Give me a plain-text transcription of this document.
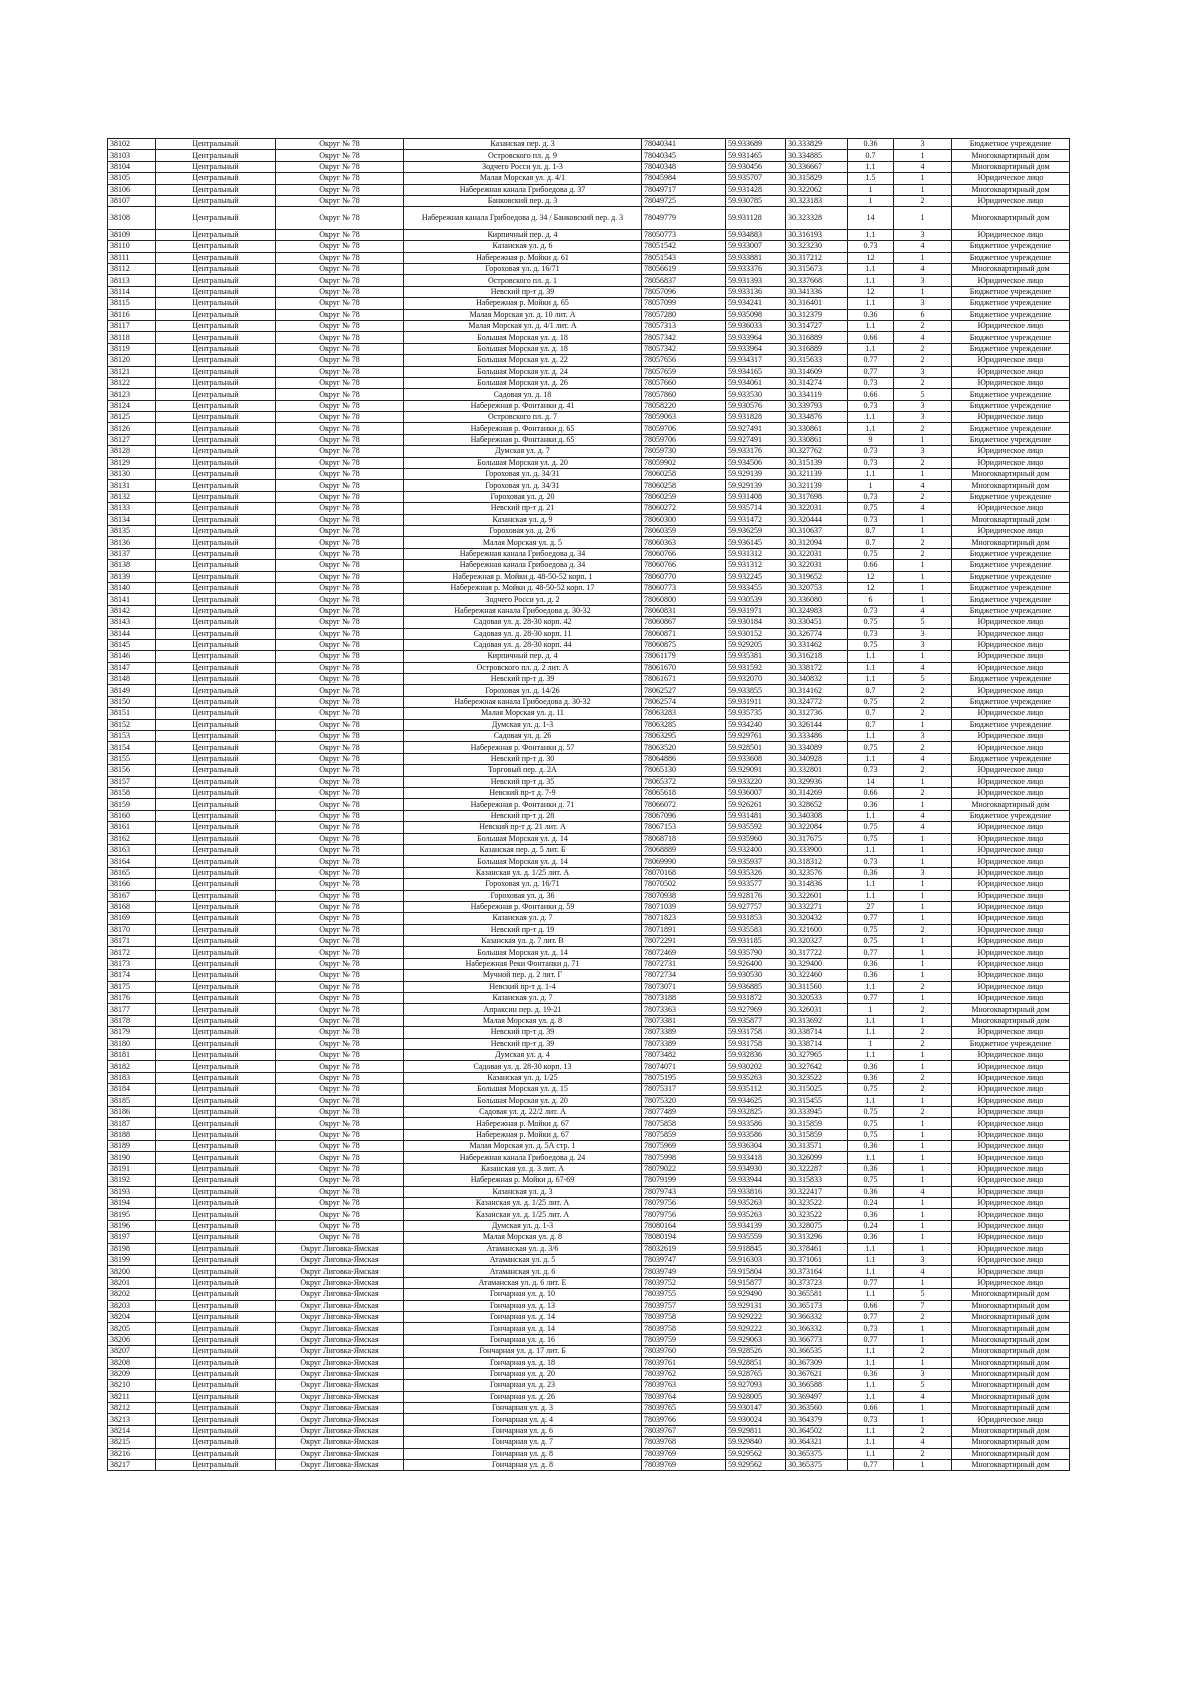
38102	Центральный	Округ № 78	Казанская пер. д. 3	78040341	59.933689	30.333829	0.36	3	Бюджетное учреждение
38103	Центральный	Округ № 78	Островского пл. д. 9	78040345	59.931465	30.334885	0.7	1	Многоквартирный дом
38104	Центральный	Округ № 78	Зодчего Росси ул. д. 1-3	78040348	59.930456	30.336667	1.1	4	Многоквартирный дом
38105	Центральный	Округ № 78	Малая Морская ул. д. 4/1	78045984	59.935707	30.315829	1.5	1	Юридическое лицо
38106	Центральный	Округ № 78	Набережная канала Грибоедова д. 37	78049717	59.931428	30.322062	1	1	Многоквартирный дом
38107	Центральный	Округ № 78	Банковский пер. д. 3	78049725	59.930785	30.323183	1	2	Юридическое лицо
38108	Центральный	Округ № 78	Набережная канала Грибоедова д. 34 / Банковский пер. д. 3	78049779	59.931128	30.323328	14	1	Многоквартирный дом
38109	Центральный	Округ № 78	Кирпичный пер. д. 4	78050773	59.934883	30.316193	1.1	3	Юридическое лицо
38110	Центральный	Округ № 78	Казанская ул. д. 6	78051542	59.933007	30.323230	0.73	4	Бюджетное учреждение
38111	Центральный	Округ № 78	Набережная р. Мойки д. 61	78051543	59.933881	30.317212	12	1	Бюджетное учреждение
38112	Центральный	Округ № 78	Гороховая ул. д. 16/71	78056619	59.933376	30.315673	1.1	4	Многоквартирный дом
38113	Центральный	Округ № 78	Островского пл. д. 1	78056837	59.931393	30.337668	1.1	3	Юридическое лицо
38114	Центральный	Округ № 78	Невский пр-т д. 39	78057096	59.933136	30.341336	12	1	Бюджетное учреждение
38115	Центральный	Округ № 78	Набережная р. Мойки д. 65	78057099	59.934241	30.316401	1.1	3	Бюджетное учреждение
38116	Центральный	Округ № 78	Малая Морская ул. д. 10 лит. А	78057280	59.935098	30.312379	0.36	6	Бюджетное учреждение
38117	Центральный	Округ № 78	Малая Морская ул. д. 4/1 лит. А	78057313	59.936033	30.314727	1.1	2	Юридическое лицо
38118	Центральный	Округ № 78	Большая Морская ул. д. 18	78057342	59.933964	30.316889	0.66	4	Бюджетное учреждение
38119	Центральный	Округ № 78	Большая Морская ул. д. 18	78057342	59.933964	30.316889	1.1	2	Бюджетное учреждение
38120	Центральный	Округ № 78	Большая Морская ул. д. 22	78057656	59.934317	30.315633	0.77	2	Юридическое лицо
38121	Центральный	Округ № 78	Большая Морская ул. д. 24	78057659	59.934165	30.314609	0.77	3	Юридическое лицо
38122	Центральный	Округ № 78	Большая Морская ул. д. 26	78057660	59.934061	30.314274	0.73	2	Юридическое лицо
38123	Центральный	Округ № 78	Садовая ул. д. 18	78057860	59.933530	30.334119	0.66	5	Бюджетное учреждение
38124	Центральный	Округ № 78	Набережная р. Фонтанки д. 41	78058220	59.930576	30.339793	0.73	3	Бюджетное учреждение
38125	Центральный	Округ № 78	Островского пл. д. 7	78059063	59.931828	30.334876	1.1	3	Юридическое лицо
38126	Центральный	Округ № 78	Набережная р. Фонтанки д. 65	78059706	59.927491	30.330861	1.1	2	Бюджетное учреждение
38127	Центральный	Округ № 78	Набережная р. Фонтанки д. 65	78059706	59.927491	30.330861	9	1	Бюджетное учреждение
38128	Центральный	Округ № 78	Думская ул. д. 7	78059730	59.933176	30.327762	0.73	3	Юридическое лицо
38129	Центральный	Округ № 78	Большая Морская ул. д. 20	78059902	59.934506	30.315139	0.73	2	Юридическое лицо
38130	Центральный	Округ № 78	Гороховая ул. д. 34/31	78060258	59.929139	30.321139	1.1	1	Многоквартирный дом
38131	Центральный	Округ № 78	Гороховая ул. д. 34/31	78060258	59.929139	30.321139	1	4	Многоквартирный дом
38132	Центральный	Округ № 78	Гороховая ул. д. 20	78060259	59.931408	30.317698	0.73	2	Бюджетное учреждение
38133	Центральный	Округ № 78	Невский пр-т д. 21	78060272	59.935714	30.322031	0.75	4	Юридическое лицо
38134	Центральный	Округ № 78	Казанская ул. д. 9	78060300	59.931472	30.320444	0.73	1	Многоквартирный дом
38135	Центральный	Округ № 78	Гороховая ул. д. 2/6	78060359	59.936259	30.310637	0.7	1	Юридическое лицо
38136	Центральный	Округ № 78	Малая Морская ул. д. 5	78060363	59.936145	30.312094	0.7	2	Многоквартирный дом
38137	Центральный	Округ № 78	Набережная канала Грибоедова д. 34	78060766	59.931312	30.322031	0.75	2	Бюджетное учреждение
38138	Центральный	Округ № 78	Набережная канала Грибоедова д. 34	78060766	59.931312	30.322031	0.66	1	Бюджетное учреждение
38139	Центральный	Округ № 78	Набережная р. Мойки д. 48-50-52 корп. 1	78060770	59.932245	30.319652	12	1	Бюджетное учреждение
38140	Центральный	Округ № 78	Набережная р. Мойки д. 48-50-52 корп. 17	78060773	59.933455	30.320753	12	1	Бюджетное учреждение
38141	Центральный	Округ № 78	Зодчего Росси ул. д. 2	78060800	59.930539	30.336080	6	1	Бюджетное учреждение
38142	Центральный	Округ № 78	Набережная канала Грибоедова д. 30-32	78060831	59.931971	30.324983	0.73	4	Бюджетное учреждение
38143	Центральный	Округ № 78	Садовая ул. д. 28-30 корп. 42	78060867	59.930184	30.330451	0.75	5	Юридическое лицо
38144	Центральный	Округ № 78	Садовая ул. д. 28-30 корп. 11	78060871	59.930152	30.326774	0.73	3	Юридическое лицо
38145	Центральный	Округ № 78	Садовая ул. д. 28-30 корп. 44	78060875	59.929205	30.331462	0.75	3	Юридическое лицо
38146	Центральный	Округ № 78	Кирпичный пер. д. 4	78061179	59.935381	30.316218	1.1	1	Юридическое лицо
38147	Центральный	Округ № 78	Островского пл. д. 2 лит. А	78061670	59.931592	30.338172	1.1	4	Юридическое лицо
38148	Центральный	Округ № 78	Невский пр-т д. 39	78061671	59.932070	30.340832	1.1	5	Бюджетное учреждение
38149	Центральный	Округ № 78	Гороховая ул. д. 14/26	78062527	59.933855	30.314162	0.7	2	Юридическое лицо
38150	Центральный	Округ № 78	Набережная канала Грибоедова д. 30-32	78062574	59.931911	30.324772	0.75	2	Бюджетное учреждение
38151	Центральный	Округ № 78	Малая Морская ул. д. 11	78063283	59.935735	30.312736	0.7	2	Юридическое лицо
38152	Центральный	Округ № 78	Думская ул. д. 1-3	78063285	59.934240	30.326144	0.7	1	Бюджетное учреждение
38153	Центральный	Округ № 78	Садовая ул. д. 26	78063295	59.929761	30.333486	1.1	3	Юридическое лицо
38154	Центральный	Округ № 78	Набережная р. Фонтанки д. 57	78063520	59.928501	30.334089	0.75	2	Юридическое лицо
38155	Центральный	Округ № 78	Невский пр-т д. 30	78064886	59.933608	30.340928	1.1	4	Бюджетное учреждение
38156	Центральный	Округ № 78	Торговый пер. д. 2А	78065130	59.929091	30.332801	0.73	2	Юридическое лицо
38157	Центральный	Округ № 78	Невский пр-т д. 35	78065372	59.933220	30.329936	14	1	Юридическое лицо
38158	Центральный	Округ № 78	Невский пр-т д. 7-9	78065618	59.936007	30.314269	0.66	2	Юридическое лицо
38159	Центральный	Округ № 78	Набережная р. Фонтанки д. 71	78066072	59.926261	30.328652	0.36	1	Многоквартирный дом
38160	Центральный	Округ № 78	Невский пр-т д. 28	78067096	59.931481	30.340308	1.1	4	Бюджетное учреждение
38161	Центральный	Округ № 78	Невский пр-т д. 21 лит. А	78067153	59.935592	30.322084	0.75	4	Юридическое лицо
38162	Центральный	Округ № 78	Большая Морская ул. д. 14	78068718	59.935960	30.317675	0.75	1	Юридическое лицо
38163	Центральный	Округ № 78	Казанская пер. д. 5 лит. Б	78068889	59.932400	30.333900	1.1	1	Юридическое лицо
38164	Центральный	Округ № 78	Большая Морская ул. д. 14	78069990	59.935937	30.318312	0.73	1	Юридическое лицо
38165	Центральный	Округ № 78	Казанская ул. д. 1/25 лит. А	78070168	59.935326	30.323576	0.36	3	Юридическое лицо
38166	Центральный	Округ № 78	Гороховая ул. д. 16/71	78070502	59.933577	30.314836	1.1	1	Юридическое лицо
38167	Центральный	Округ № 78	Гороховая ул. д. 36	78070938	59.928176	30.322601	1.1	1	Юридическое лицо
38168	Центральный	Округ № 78	Набережная р. Фонтанки д. 59	78071039	59.927757	30.332271	27	1	Юридическое лицо
38169	Центральный	Округ № 78	Казанская ул. д. 7	78071823	59.931853	30.320432	0.77	1	Юридическое лицо
38170	Центральный	Округ № 78	Невский пр-т д. 19	78071891	59.935583	30.321600	0.75	2	Юридическое лицо
38171	Центральный	Округ № 78	Казанская ул. д. 7 лит. В	78072291	59.931185	30.320327	0.75	1	Юридическое лицо
38172	Центральный	Округ № 78	Большая Морская ул. д. 14	78072469	59.935790	30.317722	0.77	1	Юридическое лицо
38173	Центральный	Округ № 78	Набережная Реки Фонтанки д. 71	78072731	59.926400	30.329400	0.36	1	Юридическое лицо
38174	Центральный	Округ № 78	Мучной пер. д. 2 лит. Г	78072734	59.930530	30.322460	0.36	1	Юридическое лицо
38175	Центральный	Округ № 78	Невский пр-т д. 1-4	78073071	59.936885	30.311560	1.1	2	Юридическое лицо
38176	Центральный	Округ № 78	Казанская ул. д. 7	78073188	59.931872	30.320533	0.77	1	Юридическое лицо
38177	Центральный	Округ № 78	Апраксин пер. д. 19-21	78073363	59.927969	30.326031	1	2	Многоквартирный дом
38178	Центральный	Округ № 78	Малая Морская ул. д. 8	78073381	59.935877	30.313692	1.1	1	Многоквартирный дом
38179	Центральный	Округ № 78	Невский пр-т д. 39	78073389	59.931758	30.338714	1.1	2	Юридическое лицо
38180	Центральный	Округ № 78	Невский пр-т д. 39	78073389	59.931758	30.338714	1	2	Бюджетное учреждение
38181	Центральный	Округ № 78	Думская ул. д. 4	78073482	59.932836	30.327965	1.1	1	Юридическое лицо
38182	Центральный	Округ № 78	Садовая ул. д. 28-30 корп. 13	78074071	59.930202	30.327642	0.36	1	Юридическое лицо
38183	Центральный	Округ № 78	Казанская ул. д. 1/25	78075195	59.935263	30.323522	0.36	2	Юридическое лицо
38184	Центральный	Округ № 78	Большая Морская ул. д. 15	78075317	59.935112	30.315025	0.75	2	Юридическое лицо
38185	Центральный	Округ № 78	Большая Морская ул. д. 20	78075320	59.934625	30.315455	1.1	1	Юридическое лицо
38186	Центральный	Округ № 78	Садовая ул. д. 22/2 лит. А	78077489	59.932825	30.333945	0.75	2	Юридическое лицо
38187	Центральный	Округ № 78	Набережная р. Мойки д. 67	78075858	59.933586	30.315859	0.75	1	Юридическое лицо
38188	Центральный	Округ № 78	Набережная р. Мойки д. 67	78075859	59.933586	30.315859	0.75	1	Юридическое лицо
38189	Центральный	Округ № 78	Малая Морская ул. д. 5А стр. 1	78075969	59.936304	30.313571	0.36	1	Юридическое лицо
38190	Центральный	Округ № 78	Набережная канала Грибоедова д. 24	78075998	59.933418	30.326099	1.1	1	Юридическое лицо
38191	Центральный	Округ № 78	Казанская ул. д. 3 лит. А	78079022	59.934930	30.322287	0.36	1	Юридическое лицо
38192	Центральный	Округ № 78	Набережная р. Мойки д. 67-69	78079199	59.933944	30.315833	0.75	1	Юридическое лицо
38193	Центральный	Округ № 78	Казанская ул. д. 3	78079743	59.933816	30.322417	0.36	4	Юридическое лицо
38194	Центральный	Округ № 78	Казанская ул. д. 1/25 лит. А	78079756	59.935263	30.323522	0.24	1	Юридическое лицо
38195	Центральный	Округ № 78	Казанская ул. д. 1/25 лит. А	78079756	59.935263	30.323522	0.36	1	Юридическое лицо
38196	Центральный	Округ № 78	Думская ул. д. 1-3	78080164	59.934139	30.328075	0.24	1	Юридическое лицо
38197	Центральный	Округ № 78	Малая Морская ул. д. 8	78080194	59.935559	30.313296	0.36	1	Юридическое лицо
38198	Центральный	Округ Лиговка-Ямская	Атаманская ул. д. 3/6	78032619	59.918845	30.378461	1.1	1	Юридическое лицо
38199	Центральный	Округ Лиговка-Ямская	Атаманская ул. д. 5	78039747	59.916303	30.371061	1.1	3	Юридическое лицо
38200	Центральный	Округ Лиговка-Ямская	Атаманская ул. д. 6	78039749	59.915804	30.373164	1.1	4	Юридическое лицо
38201	Центральный	Округ Лиговка-Ямская	Атаманская ул. д. 6 лит. Е	78039752	59.915877	30.373723	0.77	1	Юридическое лицо
38202	Центральный	Округ Лиговка-Ямская	Гончарная ул. д. 10	78039755	59.929490	30.365581	1.1	5	Многоквартирный дом
38203	Центральный	Округ Лиговка-Ямская	Гончарная ул. д. 13	78039757	59.929131	30.365173	0.66	7	Многоквартирный дом
38204	Центральный	Округ Лиговка-Ямская	Гончарная ул. д. 14	78039758	59.929222	30.366332	0.77	2	Многоквартирный дом
38205	Центральный	Округ Лиговка-Ямская	Гончарная ул. д. 14	78039758	59.929222	30.366332	0.73	1	Многоквартирный дом
38206	Центральный	Округ Лиговка-Ямская	Гончарная ул. д. 16	78039759	59.929063	30.366773	0.77	1	Многоквартирный дом
38207	Центральный	Округ Лиговка-Ямская	Гончарная ул. д. 17 лит. Б	78039760	59.928526	30.366535	1.1	2	Многоквартирный дом
38208	Центральный	Округ Лиговка-Ямская	Гончарная ул. д. 18	78039761	59.928851	30.367309	1.1	1	Многоквартирный дом
38209	Центральный	Округ Лиговка-Ямская	Гончарная ул. д. 20	78039762	59.928765	30.367621	0.36	3	Многоквартирный дом
38210	Центральный	Округ Лиговка-Ямская	Гончарная ул. д. 23	78039763	59.927093	30.366588	1.1	5	Многоквартирный дом
38211	Центральный	Округ Лиговка-Ямская	Гончарная ул. д. 26	78039764	59.928005	30.369497	1.1	4	Многоквартирный дом
38212	Центральный	Округ Лиговка-Ямская	Гончарная ул. д. 3	78039765	59.930147	30.363560	0.66	1	Многоквартирный дом
38213	Центральный	Округ Лиговка-Ямская	Гончарная ул. д. 4	78039766	59.930024	30.364379	0.73	1	Юридическое лицо
38214	Центральный	Округ Лиговка-Ямская	Гончарная ул. д. 6	78039767	59.929811	30.364502	1.1	2	Многоквартирный дом
38215	Центральный	Округ Лиговка-Ямская	Гончарная ул. д. 7	78039768	59.929840	30.364321	1.1	4	Многоквартирный дом
38216	Центральный	Округ Лиговка-Ямская	Гончарная ул. д. 8	78039769	59.929562	30.365375	1.1	2	Многоквартирный дом
38217	Центральный	Округ Лиговка-Ямская	Гончарная ул. д. 8	78039769	59.929562	30.365375	0.77	1	Многоквартирный дом
